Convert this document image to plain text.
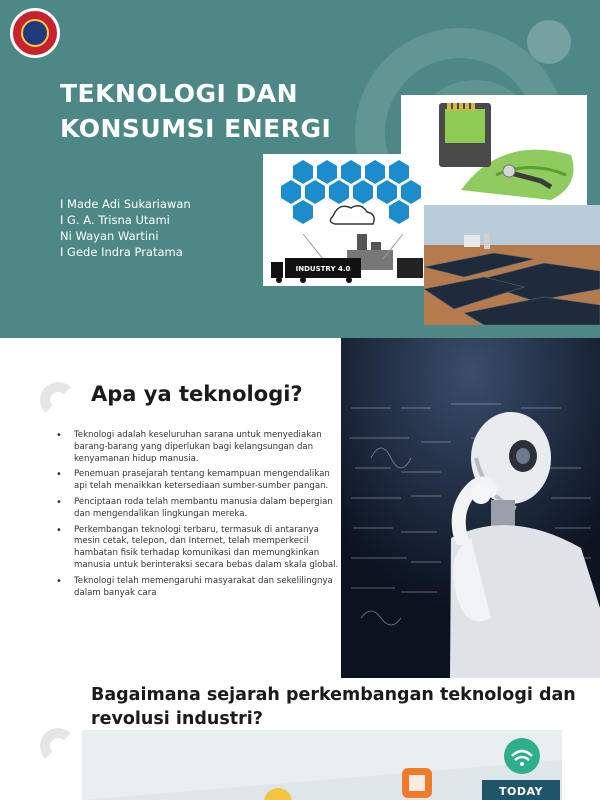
TEKNOLOGI DAN KONSUMSI ENERGI
I Made Adi Sukariawan
I G. A. Trisna Utami
Ni Wayan Wartini
I Gede Indra Pratama
INDUSTRY 4.0
Apa ya teknologi?
• Teknologi adalah keseluruhan sarana untuk menyediakan barang-barang yang diperlukan bagi kelangsungan dan kenyamanan hidup manusia.
• Penemuan prasejarah tentang kemampuan mengendalikan api telah menaikkan ketersediaan sumber-sumber pangan.
• Penciptaan roda telah membantu manusia dalam bepergian dan mengendalikan lingkungan mereka.
• Perkembangan teknologi terbaru, termasuk di antaranya mesin cetak, telepon, dan Internet, telah memperkecil hambatan fisik terhadap komunikasi dan memungkinkan manusia untuk berinteraksi secara bebas dalam skala global.
• Teknologi telah memengaruhi masyarakat dan sekelilingnya dalam banyak cara
Bagaimana sejarah perkembangan teknologi dan revolusi industri?
TODAY
